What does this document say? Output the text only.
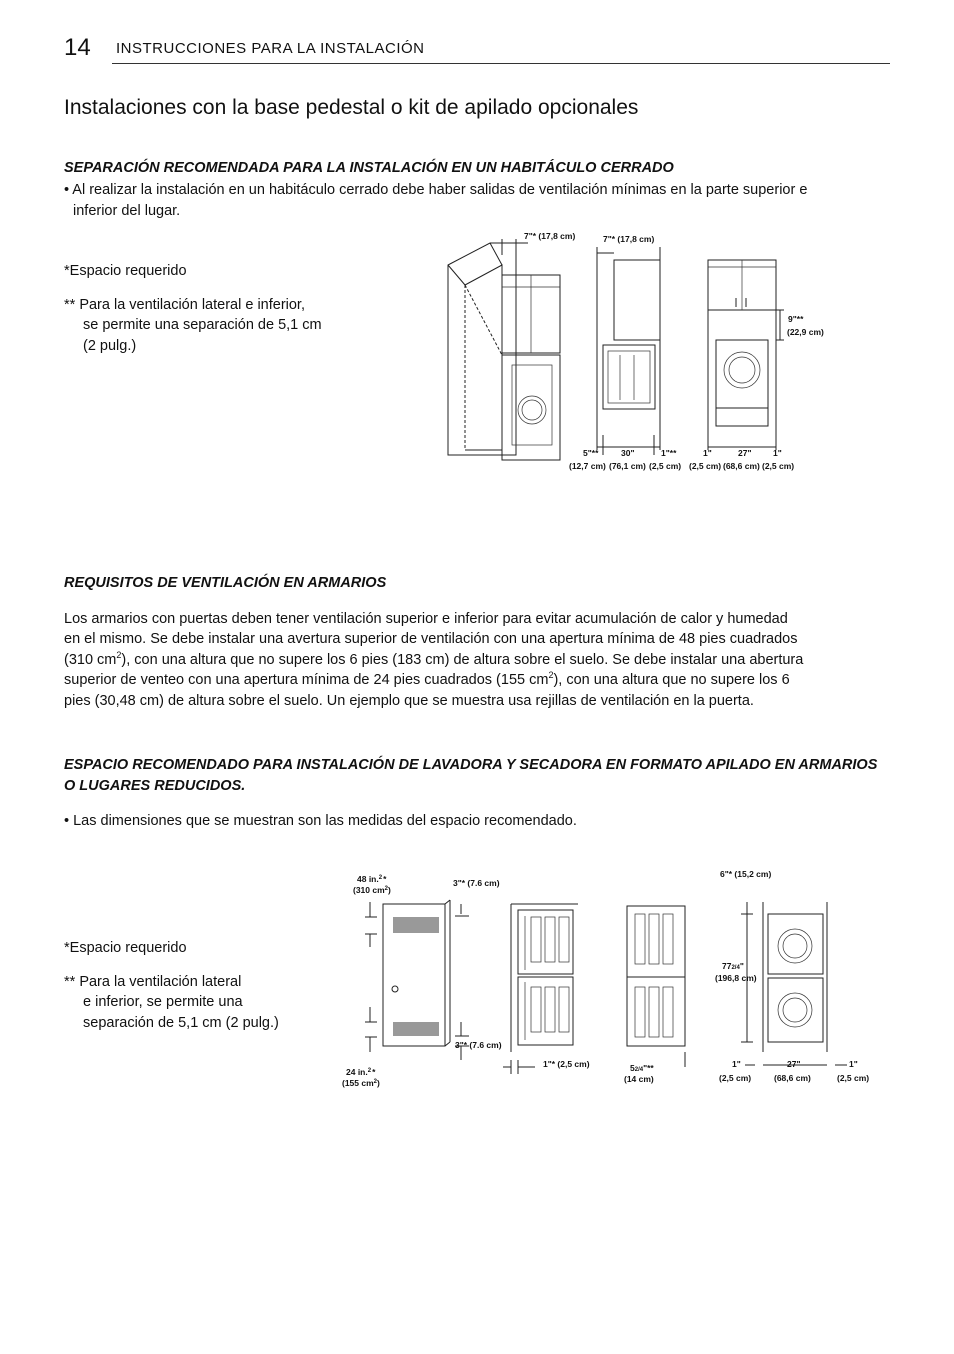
14 INSTRUCCIONES PARA LA INSTALACIÓN
Instalaciones con la base pedestal o kit de apilado opcionales
SEPARACIÓN RECOMENDADA PARA LA INSTALACIÓN EN UN HABITÁCULO CERRADO
• Al realizar la instalación en un habitáculo cerrado debe haber salidas de ventilación mínimas en la parte superior e
inferior del lugar.
*Espacio requerido
** Para la ventilación lateral e inferior,
se permite una separación de 5,1 cm
(2 pulg.)
7"* (17,8 cm)	7"* (17,8 cm)
9"**
(22,9 cm)
5"**
(12,7 cm)
30"
(76,1 cm)
1"**
(2,5 cm)
1"
(2,5 cm)
27"
(68,6 cm)
1"
(2,5 cm)
REQUISITOS DE VENTILACIÓN EN ARMARIOS
Los armarios con puertas deben tener ventilación superior e inferior para evitar acumulación de calor y humedad
en el mismo. Se debe instalar una avertura superior de ventilación con una apertura mínima de 48 pies cuadrados
(310 $cm^2$), con una altura que no supere los 6 pies (183 cm) de altura sobre el suelo. Se debe instalar una abertura
superior de venteo con una apertura mínima de 24 pies cuadrados (155 $cm^2$), con una altura que no supere los 6
pies (30,48 cm) de altura sobre el suelo. Un ejemplo que se muestra usa rejillas de ventilación en la puerta.
ESPACIO RECOMENDADO PARA INSTALACIÓN DE LAVADORA Y SECADORA EN FORMATO APILADO EN ARMARIOS
O LUGARES REDUCIDOS.
• Las dimensiones que se muestran son las medidas del espacio recomendado.
*Espacio requerido
** Para la ventilación lateral
e inferior, se permite una
separación de 5,1 cm (2 pulg.)
48 in.$^2$*
(310 $cm^2$)
24 in.$^2$*
(155 $cm^2$)
3"* (7.6 cm)
3"* (7.6 cm)
1"* (2,5 cm)	52/4"**
(14 cm)
6"* (15,2 cm)
772/4"
(196,8 cm)
1"
(2,5 cm)
27"
(68,6 cm)
1"
(2,5 cm)
